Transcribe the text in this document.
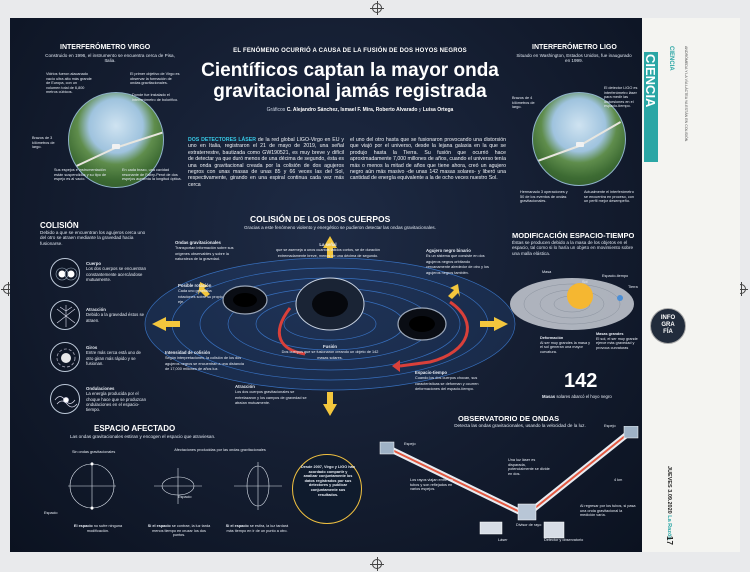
EL FENÓMENO OCURRIÓ A CAUSA DE LA FUSIÓN DE DOS HOYOS NEGROS
Científicos captan la mayor onda
gravitacional jamás registrada
Gráficos C. Alejandro Sánchez, Ismael F. Mira, Roberto Alvarado y Luisa Ortega
INTERFERÓMETRO VIRGO
Construido en 1996, el instrumento se encuentra cerca de Pisa, Italia.
Vidrios fueron alacanado vacío ultra alto más grande de Europa, con un volumen total de 6,800 metros cúbicos.
El primer objetivo de Virgo es observar la formación de ondas gravitacionales.
Donde fue instalado el interferómetro de bolorifico.
Brazos de 3 kilómetros de largo.
Sus espejos e instrumentación están suspendidos y su tipo de espejo es al vacío.
En cada brazo, una cavidad resonante de Fabry-Perot de dos espejos aumenta la longitud óptica.
INTERFERÓMETRO LIGO
Situado en Washington, Estados Unidos, fue inaugurado en 1999.
Brazos de 4 kilómetros de largo.
El detector LIGO es interferómetro láser para medir las distorsiones en el espacio-tiempo.
Hermanado 3 operaciones y 50 de los eventos de ondas gravitacionales.
Actualmente el interferómetro se encuentra en proceso, con un perfil mejor desempeño.
DOS DETECTORES LÁSER de la red global LIGO-Virgo en EU y uno en Italia, registraron el 21 de mayo de 2019, una señal extraterrestre, bautizada como GW190521, es muy breve y difícil de detectar ya que duró menos de una décima de segundo, ésta es una onda gravitacional creada por la colisión de dos agujeros negros con unas masas de unas 85 y 66 veces las del Sol, respectivamente, girando en una espiral continua cada vez más cerca
el uno del otro hasta que se fusionaron provocando una distorsión que viajó por el universo, desde la lejana galaxia en la que se produjo hasta la Tierra. Su fusión que ocurrió hace aproximadamente 7,000 millones de años, cuando el universo tenía más o menos la mitad de años que tiene ahora, creó un agujero negro aún más masivo -de unas 142 masas solares- y liberó una cantidad de energía equivalente a la de ocho veces nuestro Sol.
COLISIÓN DE LOS DOS CUERPOS
Gracias a este fenómeno violento y energético se pudieron detectar las ondas gravitacionales.
Ondas gravitacionales
Transportan información sobre sus orígenes observables y sobre la naturaleza de la gravedad.
La señal
que se asemeja a unos cuantos latidos cortos, se de duración extremadamente breve, menos de una décima de segundo.
Agujero negro binario
Es un sistema que consiste en dos agujeros negros orbitando cercanamente alrededor de otro y los agujeros negros también.
Posible rotación
Cada uno generaba rotaciones sobre su propio eje.
Fusión
Dos cuerpos que se fusionaron creando un objeto de 142 masas solares.
Intensidad de colisión
Según interpretaciones, la colisión de los dos agujeros negros se encuentran a una distancia de 17,000 millones de años luz.
Atracción
Los dos cuerpos gravitacionales se entrelazaron y los campos de gravedad se atraían mutuamente.
Espacio-tiempo
Cuando los dos cuerpos chocan, sus características se deforman y ocurren deformaciones del espacio-tiempo.
COLISIÓN
Debido a que se encuentran los agujeros cerca uno del otro se atraen mediante la gravedad hacia fusionarse.
Cuerpo
Los dos cuerpos se encuentran constantemente acercándose mutuamente.
Atracción
Debido a la gravedad éstos se atraen.
Giros
Entre más cerca está uno de otro giran más rápido y se fusionan.
Ondulaciones
La energía producida por el choque hace que se produzcan ondulaciones en el espacio-tiempo.
MODIFICACIÓN ESPACIO-TIEMPO
Éstas se producen debido a la masa de los objetos en el espacio, tal como si lo haría un objeto en movimiento sobre una malla elástica.
Sol
Tierra
Espacio-tiempo
Masa
Deformación
Al ser muy grandes la masa y el sol generan una mayor curvatura.
Masas grandes
El sol, el ser muy grande ejerce más gravedad y provoca curvaturas
142
Masas solares abarcó el hoyo negro
ESPACIO AFECTADO
Las ondas gravitacionales estiran y encogen el espacio que atraviesan.
Sin ondas gravitacionales	Afectaciones producidas por las ondas gravitacionales
Espacio
Espacio
El espacio no sufre ninguna modificación.
Si el espacio se contrae, la luz tarda menos tiempo en cruzar los dos puntos.
Si el espacio se estira, la luz tardará más tiempo en ir de un punto a otro.
Desde 2007, Virgo y LIGO han acordado compartir y analizar conjuntamente los datos registrados por sus detectores y publicar conjuntamente sus resultados.
OBSERVATORIO DE ONDAS
Detecta las ondas gravitacionales, usando la velocidad de la luz.
Espejo
Espejo
Los rayos viajan entre los tubos y son reflejados en varios espejos.
Una luz láser es disparada, potencialmente se divide en dos.
Divisor de rayo
Láser	Detector y observatorio
4 km
Al regresar por los tubos, si pasa una onda gravitacional la medición varía.
CIENCIA CIENCIA	ANDRÓMEDA Y LA VÍA LÁCTEA YA ESTÁN EN COLISIÓN.
INFO
GRA
FÍA
JUEVES 3.09.2020 La Razón
17
